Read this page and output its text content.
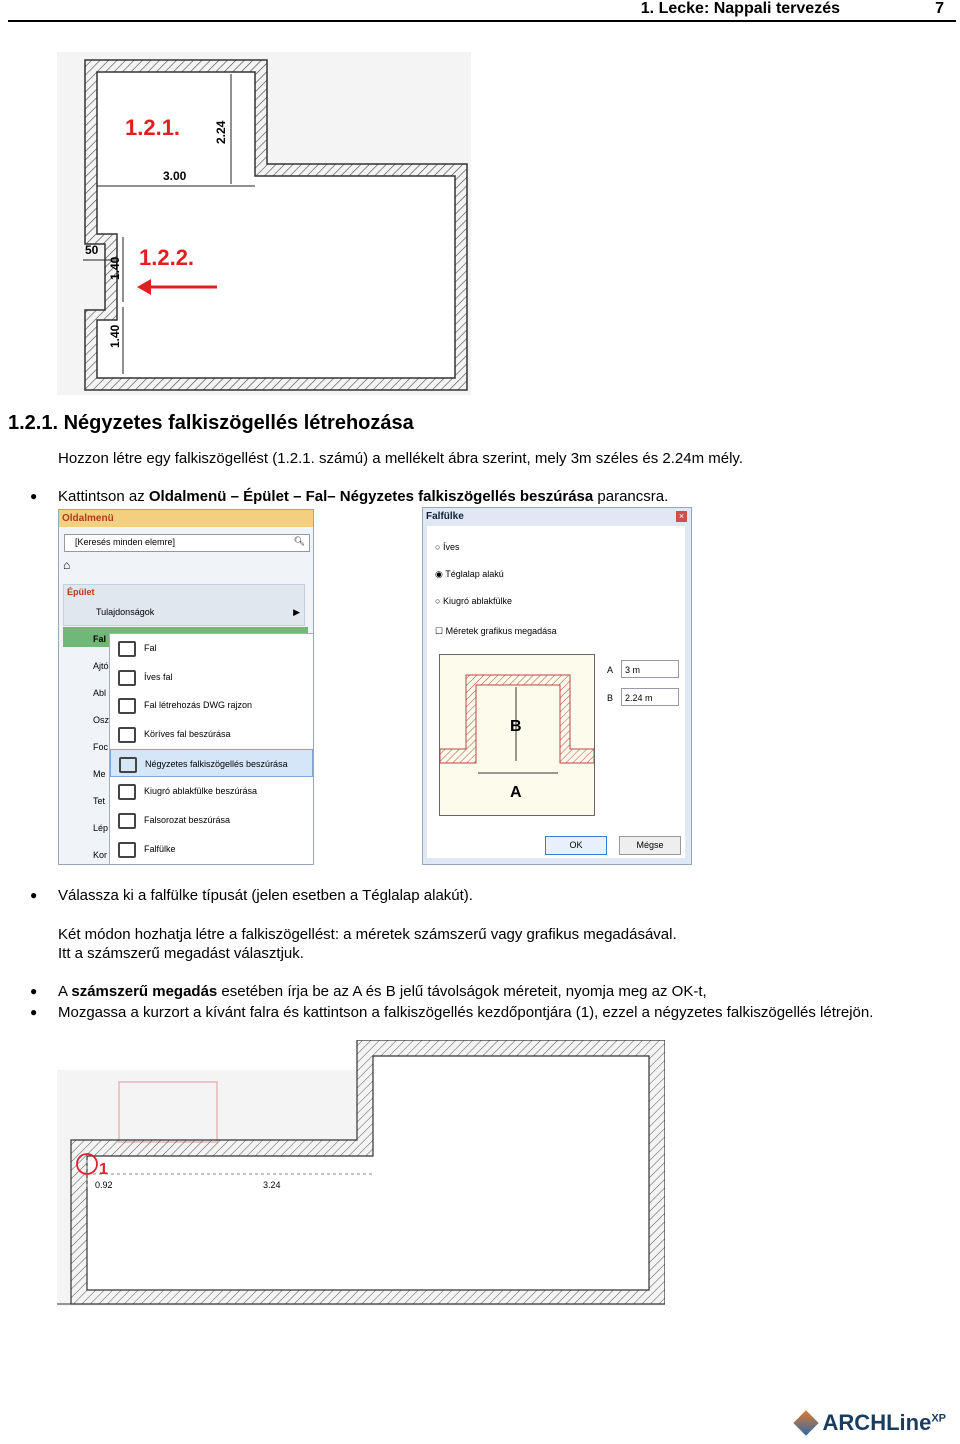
1. Lecke: Nappali tervezés	7
1.2.1.
1.2.2.
3.00
2.24
50
1.40
1.40
1.2.1. Négyzetes falkiszögellés létrehozása
Hozzon létre egy falkiszögellést (1.2.1. számú) a mellékelt ábra szerint, mely 3m széles és 2.24m mély.
● Kattintson az Oldalmenü – Épület – Fal– Négyzetes falkiszögellés beszúrása parancsra.
Oldalmenü
[Keresés minden elemre]	🔍︎
⌂
Épület
Tulajdonságok	▶
Fal
Ajtó
Abl
Osz
Foc
Me
Tet
Lép
Kor
Fal
Íves fal
Fal létrehozás DWG rajzon
Köríves fal beszúrása
Négyzetes falkiszögellés beszúrása
Kiugró ablakfülke beszúrása
Falsorozat beszúrása
Falfülke
Falfülke	×
○ Íves
◉ Téglalap alakú
○ Kiugró ablakfülke
☐ Méretek grafikus megadása
B
A
A	3 m
B	2.24 m
OK	Mégse
● Válassza ki a falfülke típusát (jelen esetben a Téglalap alakút).
Két módon hozhatja létre a falkiszögellést: a méretek számszerű vagy grafikus megadásával.
Itt a számszerű megadást választjuk.
● A számszerű megadás esetében írja be az A és B jelű távolságok méreteit, nyomja meg az OK-t,
● Mozgassa a kurzort a kívánt falra és kattintson a falkiszögellés kezdőpontjára (1), ezzel a négyzetes falkiszögellés létrejön.
1
0.92	3.24
ARCHLine$^{XP}$
